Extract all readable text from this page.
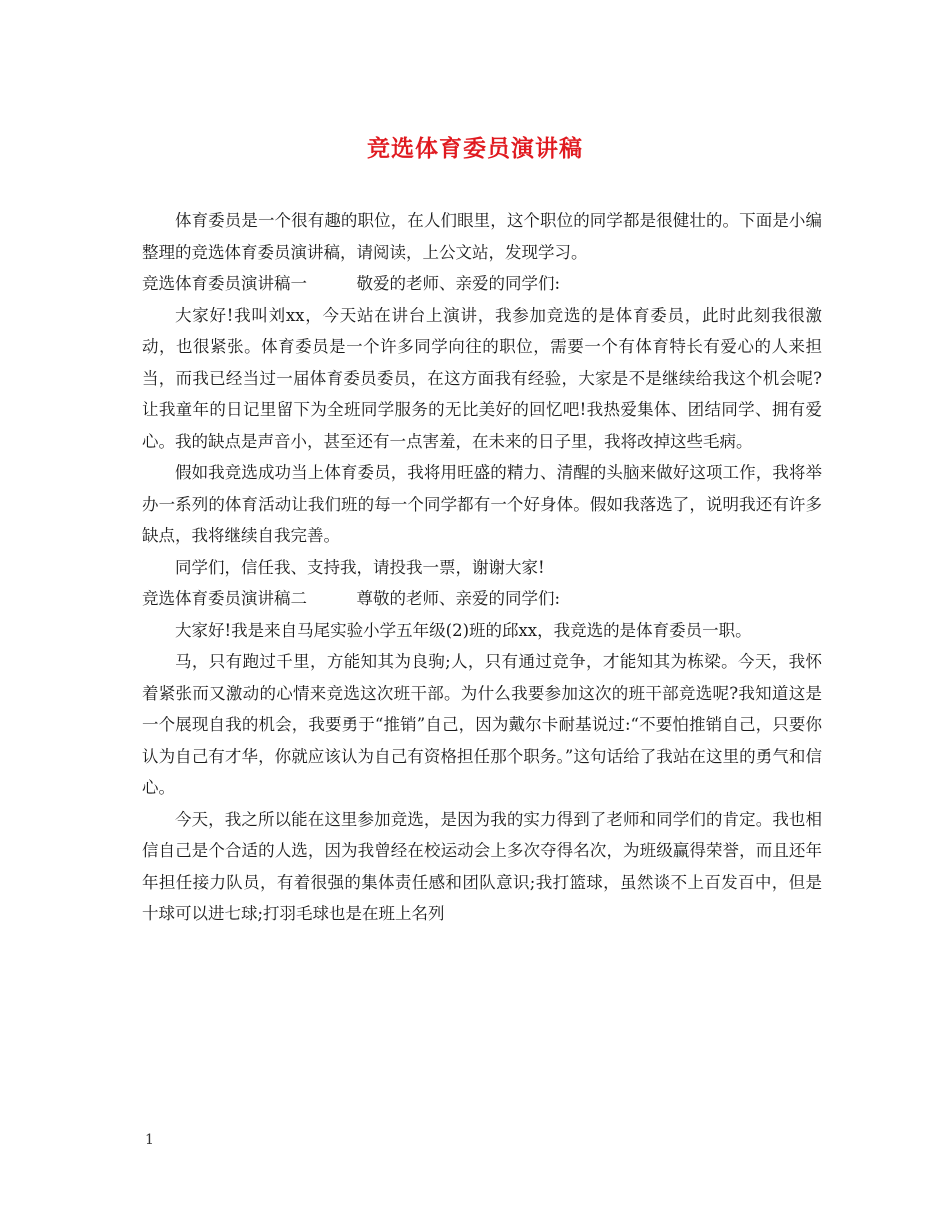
竞选体育委员演讲稿

体育委员是一个很有趣的职位，在人们眼里，这个职位的同学都是很健壮的。下面是小编整理的竞选体育委员演讲稿，请阅读，上公文站，发现学习。

竞选体育委员演讲稿一　　　敬爱的老师、亲爱的同学们:

大家好!我叫刘xx，今天站在讲台上演讲，我参加竞选的是体育委员，此时此刻我很激动，也很紧张。体育委员是一个许多同学向往的职位，需要一个有体育特长有爱心的人来担当，而我已经当过一届体育委员委员，在这方面我有经验，大家是不是继续给我这个机会呢?让我童年的日记里留下为全班同学服务的无比美好的回忆吧!我热爱集体、团结同学、拥有爱心。我的缺点是声音小，甚至还有一点害羞，在未来的日子里，我将改掉这些毛病。

假如我竞选成功当上体育委员，我将用旺盛的精力、清醒的头脑来做好这项工作，我将举办一系列的体育活动让我们班的每一个同学都有一个好身体。假如我落选了，说明我还有许多缺点，我将继续自我完善。

同学们，信任我、支持我，请投我一票，谢谢大家!

竞选体育委员演讲稿二　　　尊敬的老师、亲爱的同学们:

大家好!我是来自马尾实验小学五年级(2)班的邱xx，我竞选的是体育委员一职。

马，只有跑过千里，方能知其为良驹;人，只有通过竞争，才能知其为栋梁。今天，我怀着紧张而又激动的心情来竞选这次班干部。为什么我要参加这次的班干部竞选呢?我知道这是一个展现自我的机会，我要勇于“推销”自己，因为戴尔卡耐基说过:“不要怕推销自己，只要你认为自己有才华，你就应该认为自己有资格担任那个职务。”这句话给了我站在这里的勇气和信心。

今天，我之所以能在这里参加竞选，是因为我的实力得到了老师和同学们的肯定。我也相信自己是个合适的人选，因为我曾经在校运动会上多次夺得名次，为班级赢得荣誉，而且还年年担任接力队员，有着很强的集体责任感和团队意识;我打篮球，虽然谈不上百发百中，但是十球可以进七球;打羽毛球也是在班上名列

1
